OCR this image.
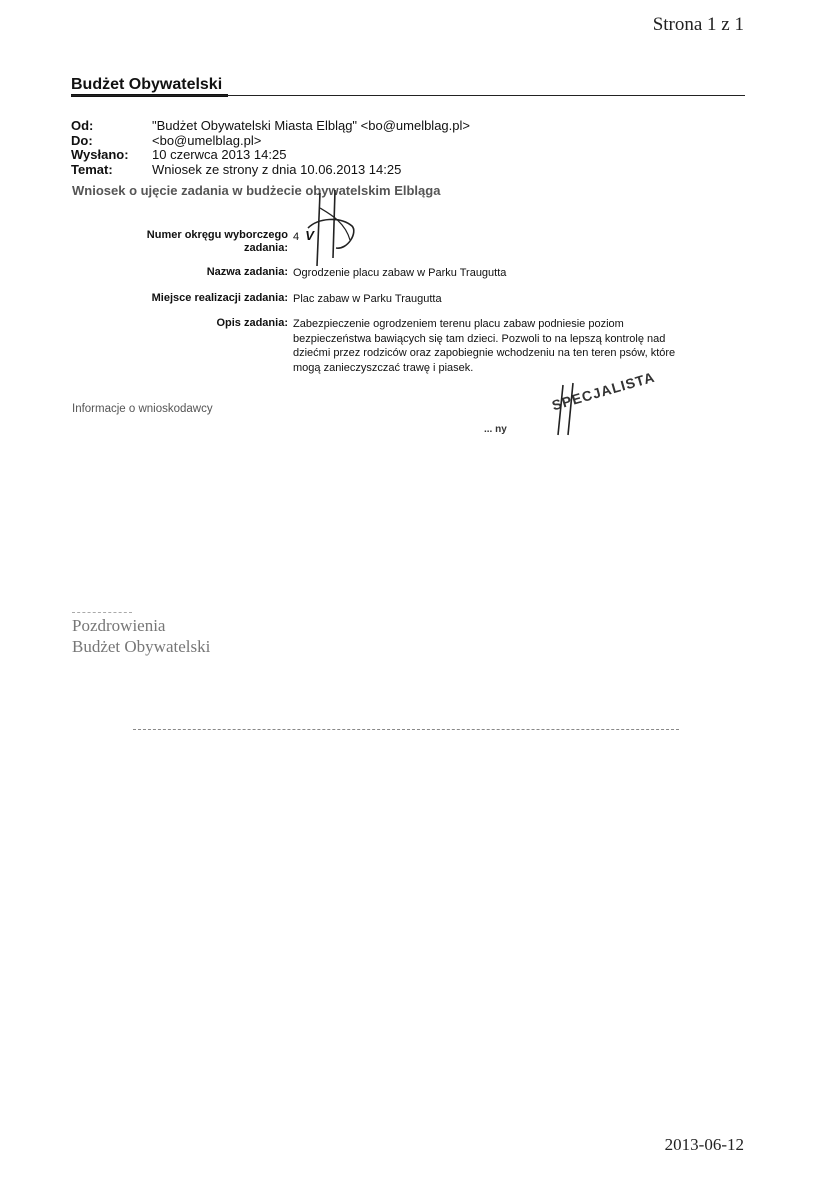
Strona 1 z 1
Budżet Obywatelski
Od:	"Budżet Obywatelski Miasta Elbląg" <bo@umelblag.pl>
Do:	<bo@umelblag.pl>
Wysłano:	10 czerwca 2013 14:25
Temat:	Wniosek ze strony z dnia 10.06.2013 14:25
Wniosek o ujęcie zadania w budżecie obywatelskim Elbląga
Numer okręgu wyborczego
zadania:
4 V
Nazwa zadania: Ogrodzenie placu zabaw w Parku Traugutta
Miejsce realizacji zadania: Plac zabaw w Parku Traugutta
Opis zadania: Zabezpieczenie ogrodzeniem terenu placu zabaw podniesie poziom
bezpieczeństwa bawiących się tam dzieci. Pozwoli to na lepszą kontrolę nad
dziećmi przez rodziców oraz zapobiegnie wchodzeniu na ten teren psów, które
mogą zanieczyszczać trawę i piasek.
Informacje o wnioskodawcy	SPECJALISTA
... ny
Pozdrowienia
Budżet Obywatelski
2013-06-12
